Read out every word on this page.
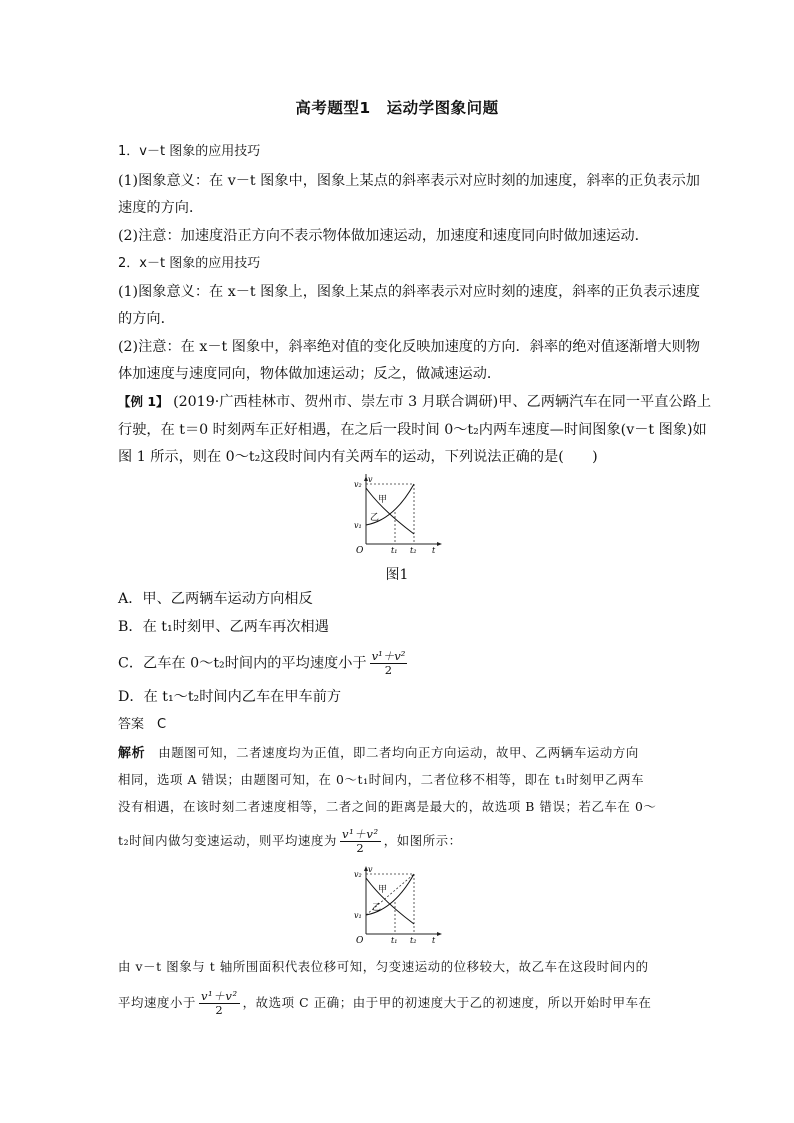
高考题型1　运动学图象问题
1．v－t 图象的应用技巧
(1)图象意义：在 v－t 图象中，图象上某点的斜率表示对应时刻的加速度，斜率的正负表示加
速度的方向．
(2)注意：加速度沿正方向不表示物体做加速运动，加速度和速度同向时做加速运动．
2．x－t 图象的应用技巧
(1)图象意义：在 x－t 图象上，图象上某点的斜率表示对应时刻的速度，斜率的正负表示速度
的方向．
(2)注意：在 x－t 图象中，斜率绝对值的变化反映加速度的方向．斜率的绝对值逐渐增大则物
体加速度与速度同向，物体做加速运动；反之，做减速运动．
【例 1】 (2019·广西桂林市、贺州市、崇左市 3 月联合调研)甲、乙两辆汽车在同一平直公路上
行驶，在 t＝0 时刻两车正好相遇，在之后一段时间 0～t₂内两车速度—时间图象(v－t 图象)如
图 1 所示，则在 0～t₂这段时间内有关两车的运动，下列说法正确的是(　　)
v₂
v₁
v
O	t₁ t₂ t
甲
乙
图1
A．甲、乙两辆车运动方向相反
B．在 t₁时刻甲、乙两车再次相遇
C．乙车在 0～t₂时间内的平均速度小于 $\frac{\text{v¹＋v²}}{2}$
D．在 t₁～t₂时间内乙车在甲车前方
答案　 C
解析　 由题图可知，二者速度均为正值，即二者均向正方向运动，故甲、乙两辆车运动方向
相同，选项 A 错误；由题图可知，在 0～t₁时间内，二者位移不相等，即在 t₁时刻甲乙两车
没有相遇，在该时刻二者速度相等，二者之间的距离是最大的，故选项 B 错误；若乙车在 0～
t₂时间内做匀变速运动，则平均速度为 $\frac{\text{v¹＋v²}}{2}$ ，如图所示：
v₂
v₁
v
O	t₁ t₂ t
甲
乙
由 v－t 图象与 t 轴所围面积代表位移可知，匀变速运动的位移较大，故乙车在这段时间内的
平均速度小于 $\frac{\text{v¹＋v²}}{2}$ ，故选项 C 正确；由于甲的初速度大于乙的初速度，所以开始时甲车在
